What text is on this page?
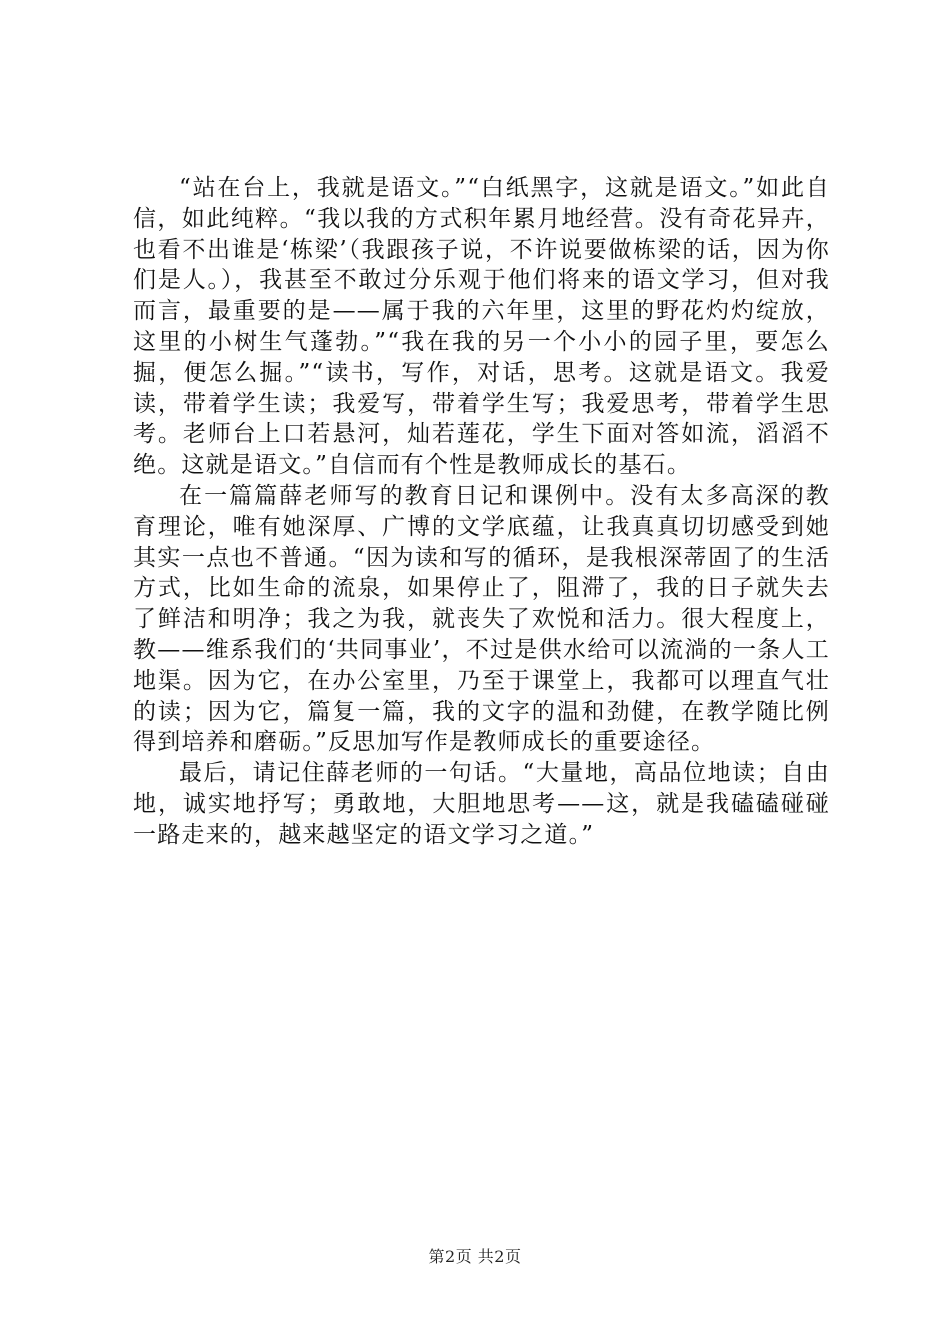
“站在台上，我就是语文。”“白纸黑字，这就是语文。”如此自信，如此纯粹。“我以我的方式积年累月地经营。没有奇花异卉，也看不出谁是‘栋梁’（我跟孩子说，不许说要做栋梁的话，因为你们是人。），我甚至不敢过分乐观于他们将来的语文学习，但对我而言，最重要的是——属于我的六年里，这里的野花灼灼绽放，这里的小树生气蓬勃。”“我在我的另一个小小的园子里，要怎么掘，便怎么掘。”“读书，写作，对话，思考。这就是语文。我爱读，带着学生读；我爱写，带着学生写；我爱思考，带着学生思考。老师台上口若悬河，灿若莲花，学生下面对答如流，滔滔不绝。这就是语文。”自信而有个性是教师成长的基石。

在一篇篇薛老师写的教育日记和课例中。没有太多高深的教育理论，唯有她深厚、广博的文学底蕴，让我真真切切感受到她其实一点也不普通。“因为读和写的循环，是我根深蒂固了的生活方式，比如生命的流泉，如果停止了，阻滞了，我的日子就失去了鲜洁和明净；我之为我，就丧失了欢悦和活力。很大程度上，教——维系我们的‘共同事业’，不过是供水给可以流淌的一条人工地渠。因为它，在办公室里，乃至于课堂上，我都可以理直气壮的读；因为它，篇复一篇，我的文字的温和劲健，在教学随比例得到培养和磨砺。”反思加写作是教师成长的重要途径。

最后，请记住薛老师的一句话。“大量地，高品位地读；自由地，诚实地抒写；勇敢地，大胆地思考——这，就是我磕磕碰碰一路走来的，越来越坚定的语文学习之道。”

第2页 共2页
